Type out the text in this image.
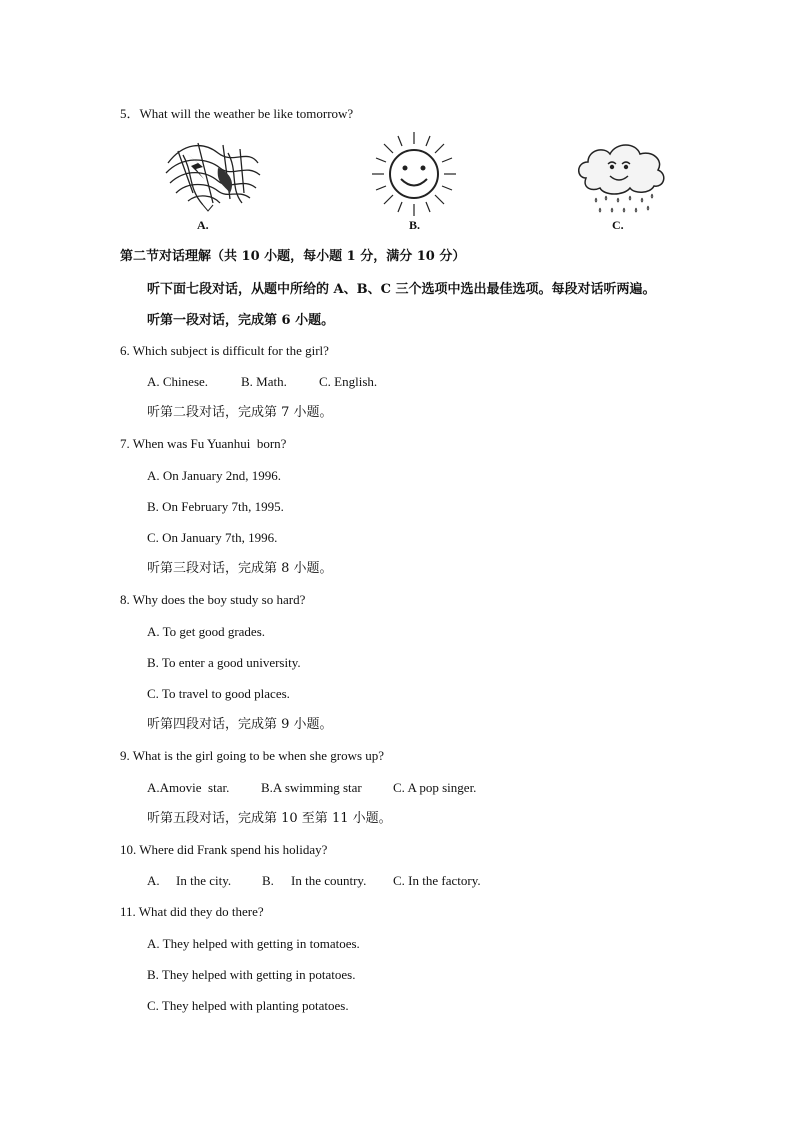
5．What will the weather be like tomorrow?
A.	B.	C.
第二节对话理解（共 10 小题，每小题 1 分，满分 10 分）
听下面七段对话，从题中所给的 A、B、C 三个选项中选出最佳选项。每段对话听两遍。
听第一段对话，完成第 6 小题。
6. Which subject is difficult for the girl?
A. Chinese.	B. Math. C. English.
听第二段对话，完成第 7 小题。
7. When was Fu Yuanhui  born?
A. On January 2nd, 1996.
B. On February 7th, 1995.
C. On January 7th, 1996.
听第三段对话，完成第 8 小题。
8. Why does the boy study so hard?
A. To get good grades.
B. To enter a good university.
C. To travel to good places.
听第四段对话，完成第 9 小题。
9. What is the girl going to be when she grows up?
A.Amovie  star. B.A swimming star C. A pop singer.
听第五段对话，完成第 10 至第 11 小题。
10. Where did Frank spend his holiday?
A. In the city. B. In the country. C. In the factory.
11. What did they do there?
A. They helped with getting in tomatoes.
B. They helped with getting in potatoes.
C. They helped with planting potatoes.
